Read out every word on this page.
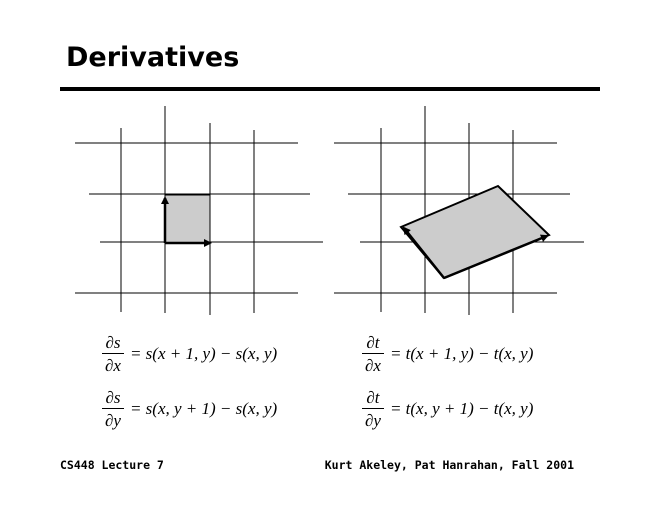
Derivatives
$\frac{\partial s}{\partial x} = s(x + 1$, y) − s(x, y)
$\frac{\partial s}{\partial y} = s(x$, y + 1) − s(x, y)
$\frac{\partial t}{\partial x} = t(x + 1$, y) − t(x, y)
$\frac{\partial t}{\partial y} = t(x$, y + 1) − t(x, y)
CS448 Lecture 7	Kurt Akeley, Pat Hanrahan, Fall 2001
